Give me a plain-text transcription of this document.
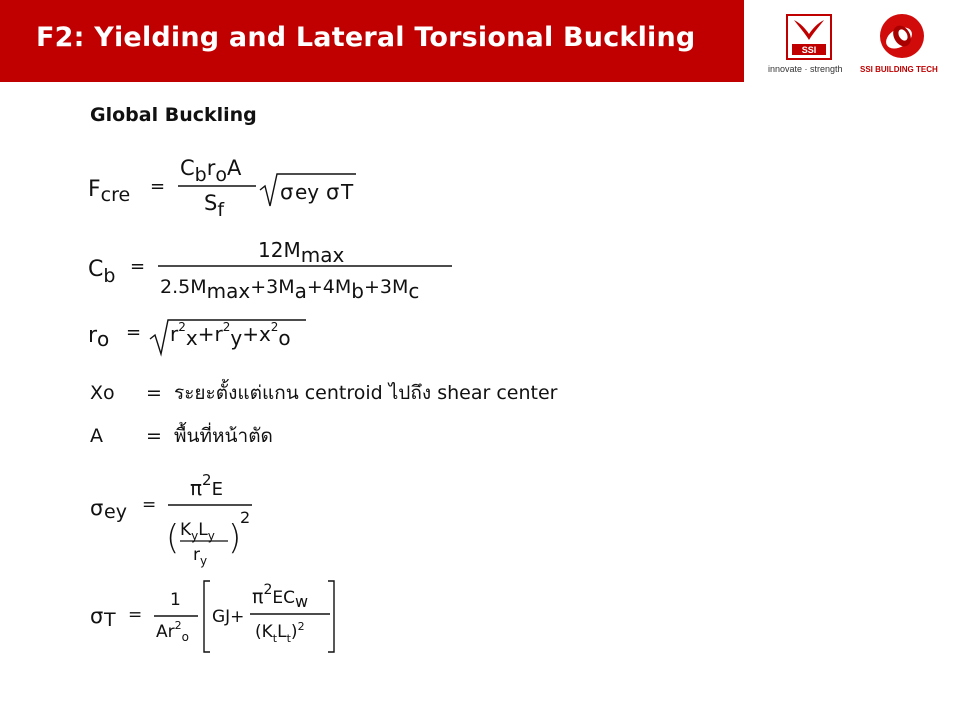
F2: Yielding and Lateral Torsional Buckling	SSI
innovate · strength SSI BUILDING TECH
Global Buckling
Fcre =
CbroA
Sf
σ ey σ T
Cb =
12Mmax
2.5Mmax+3Ma+4Mb+3Mc
ro = $r^2x+r^2y+x^2o$
σ ey =
$\pi^2E$
( $K_yL_y$
$r_y$
)
2
σ T =
1
$Ar^2_o$
GJ+
$\pi^2EC_w$
$(K_tL_t)^2$
Xo = ระยะตั้งแต่แกน centroid ไปถึง shear center
A = พื้นที่หน้าตัด
